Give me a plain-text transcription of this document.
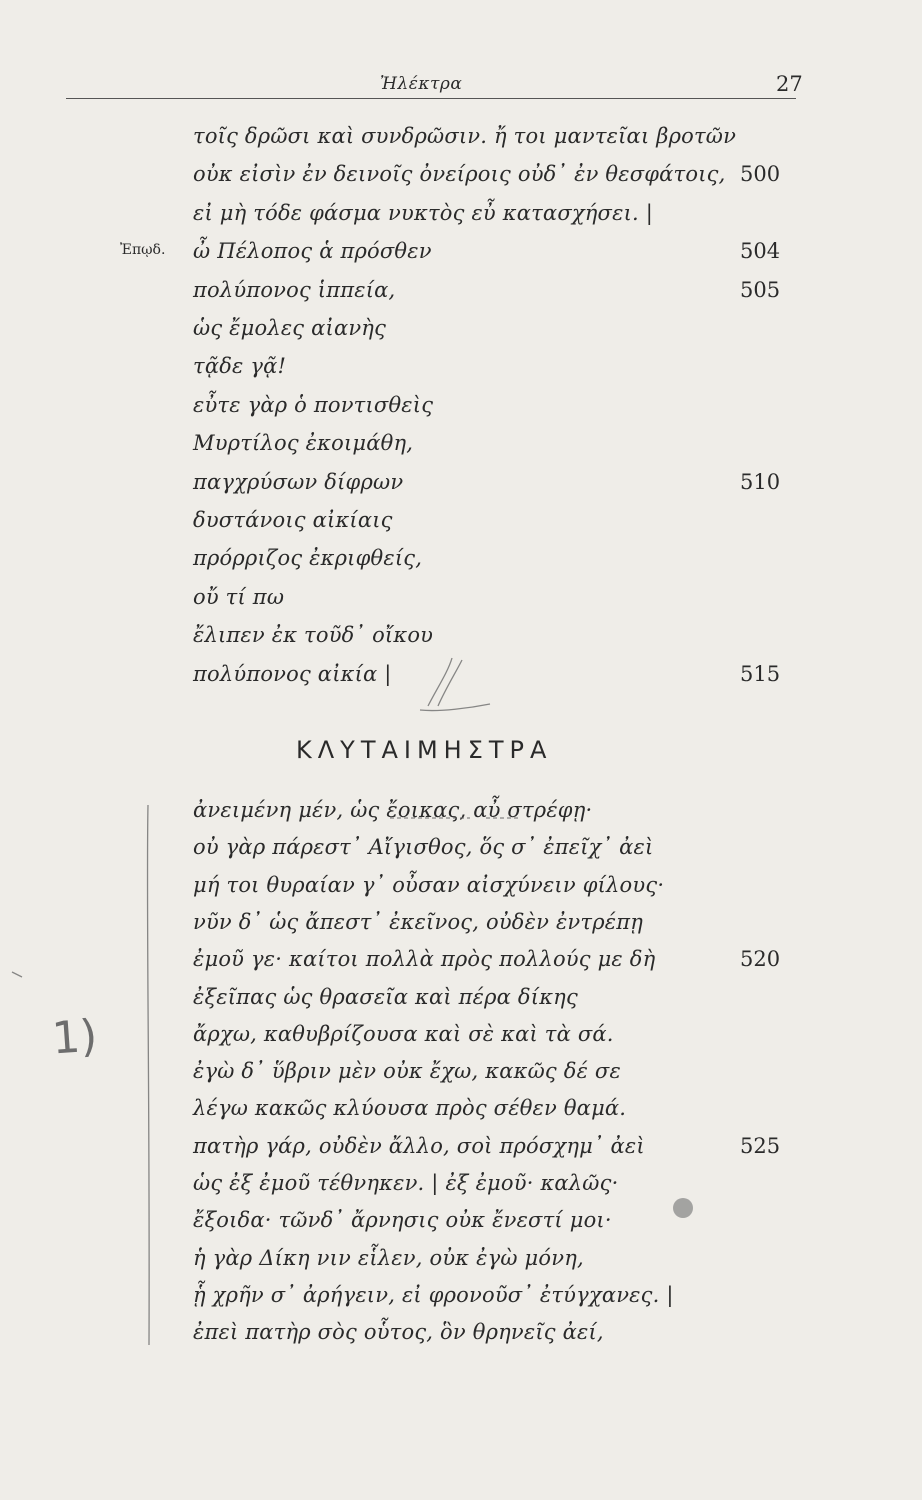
Ἠλέκτρα	27
τοῖς δρῶσι καὶ συνδρῶσιν. ἤ τοι μαντεῖαι βροτῶν
οὐκ εἰσὶν ἐν δεινοῖς ὀνείροις οὐδ᾽ ἐν θεσφάτοις, 500
εἰ μὴ τόδε φάσμα νυκτὸς εὖ κατασχήσει. |
Ἐπῳδ. ὦ Πέλοπος ἁ πρόσθεν	504
πολύπονος ἱππεία,	505
ὡς ἔμολες αἰανὴς
τᾷδε γᾷ!
εὖτε γὰρ ὁ ποντισθεὶς
Μυρτίλος ἐκοιμάθη,
παγχρύσων δίφρων	510
δυστάνοις αἰκίαις
πρόρριζος ἐκριφθείς,
οὔ τί πω
ἔλιπεν ἐκ τοῦδ᾽ οἴκου
πολύπονος αἰκία |	515
ΚΛΥΤΑΙΜΗΣΤΡΑ
ἀνειμένη μέν, ὡς ἔοικας, αὖ στρέφῃ·
οὐ γὰρ πάρεστ᾽ Αἴγισθος, ὅς σ᾽ ἐπεῖχ᾽ ἀεὶ
μή τοι θυραίαν γ᾽ οὖσαν αἰσχύνειν φίλους·
νῦν δ᾽ ὡς ἄπεστ᾽ ἐκεῖνος, οὐδὲν ἐντρέπῃ
ἐμοῦ γε· καίτοι πολλὰ πρὸς πολλούς με δὴ	520
ἐξεῖπας ὡς θρασεῖα καὶ πέρα δίκης
ἄρχω, καθυβρίζουσα καὶ σὲ καὶ τὰ σά.
ἐγὼ δ᾽ ὕβριν μὲν οὐκ ἔχω, κακῶς δέ σε
λέγω κακῶς κλύουσα πρὸς σέθεν θαμά.
πατὴρ γάρ, οὐδὲν ἄλλο, σοὶ πρόσχημ᾽ ἀεὶ	525
ὡς ἐξ ἐμοῦ τέθνηκεν. | ἐξ ἐμοῦ· καλῶς·
ἔξοιδα· τῶνδ᾽ ἄρνησις οὐκ ἔνεστί μοι·
ἡ γὰρ Δίκη νιν εἷλεν, οὐκ ἐγὼ μόνη,
ᾗ χρῆν σ᾽ ἀρήγειν, εἰ φρονοῦσ᾽ ἐτύγχανες. |
ἐπεὶ πατὴρ σὸς οὗτος, ὃν θρηνεῖς ἀεί,
1)
